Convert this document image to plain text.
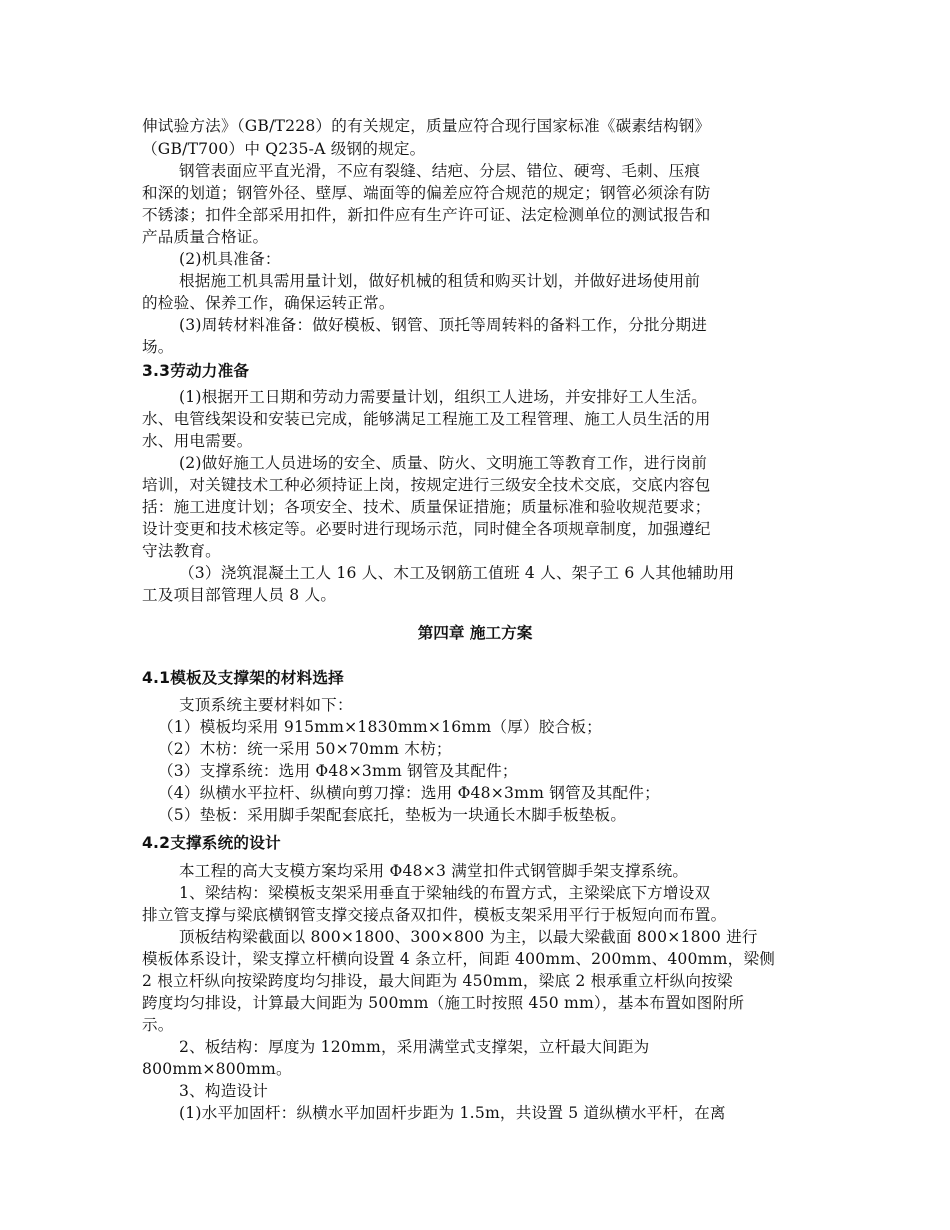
伸试验方法》（GB/T228）的有关规定，质量应符合现行国家标准《碳素结构钢》
（GB/T700）中 Q235-A 级钢的规定。
钢管表面应平直光滑，不应有裂缝、结疤、分层、错位、硬弯、毛刺、压痕
和深的划道；钢管外径、壁厚、端面等的偏差应符合规范的规定；钢管必须涂有防
不锈漆；扣件全部采用扣件，新扣件应有生产许可证、法定检测单位的测试报告和
产品质量合格证。
(2)机具准备：
根据施工机具需用量计划，做好机械的租赁和购买计划，并做好进场使用前
的检验、保养工作，确保运转正常。
(3)周转材料准备：做好模板、钢管、顶托等周转料的备料工作，分批分期进
场。
3.3劳动力准备
(1)根据开工日期和劳动力需要量计划，组织工人进场，并安排好工人生活。
水、电管线架设和安装已完成，能够满足工程施工及工程管理、施工人员生活的用
水、用电需要。
(2)做好施工人员进场的安全、质量、防火、文明施工等教育工作，进行岗前
培训，对关键技术工种必须持证上岗，按规定进行三级安全技术交底，交底内容包
括：施工进度计划；各项安全、技术、质量保证措施；质量标准和验收规范要求；
设计变更和技术核定等。必要时进行现场示范，同时健全各项规章制度，加强遵纪
守法教育。
（3）浇筑混凝土工人 16 人、木工及钢筋工值班 4 人、架子工 6 人其他辅助用
工及项目部管理人员 8 人。
第四章 施工方案
4.1模板及支撑架的材料选择
支顶系统主要材料如下：
（1）模板均采用 915mm×1830mm×16mm（厚）胶合板；
（2）木枋：统一采用 50×70mm 木枋；
（3）支撑系统：选用 Φ48×3mm 钢管及其配件；
（4）纵横水平拉杆、纵横向剪刀撑：选用 Φ48×3mm 钢管及其配件；
（5）垫板：采用脚手架配套底托，垫板为一块通长木脚手板垫板。
4.2支撑系统的设计
本工程的高大支模方案均采用 Φ48×3 满堂扣件式钢管脚手架支撑系统。
1、梁结构：梁模板支架采用垂直于梁轴线的布置方式，主梁梁底下方增设双
排立管支撑与梁底横钢管支撑交接点备双扣件，模板支架采用平行于板短向而布置。
顶板结构梁截面以 800×1800、300×800 为主，以最大梁截面 800×1800 进行
模板体系设计，梁支撑立杆横向设置 4 条立杆，间距 400mm、200mm、400mm，梁侧
2 根立杆纵向按梁跨度均匀排设，最大间距为 450mm，梁底 2 根承重立杆纵向按梁
跨度均匀排设，计算最大间距为 500mm（施工时按照 450 mm），基本布置如图附所
示。
2、板结构：厚度为 120mm，采用满堂式支撑架，立杆最大间距为
800mm×800mm。
3、构造设计
(1)水平加固杆：纵横水平加固杆步距为 1.5m，共设置 5 道纵横水平杆，在离
